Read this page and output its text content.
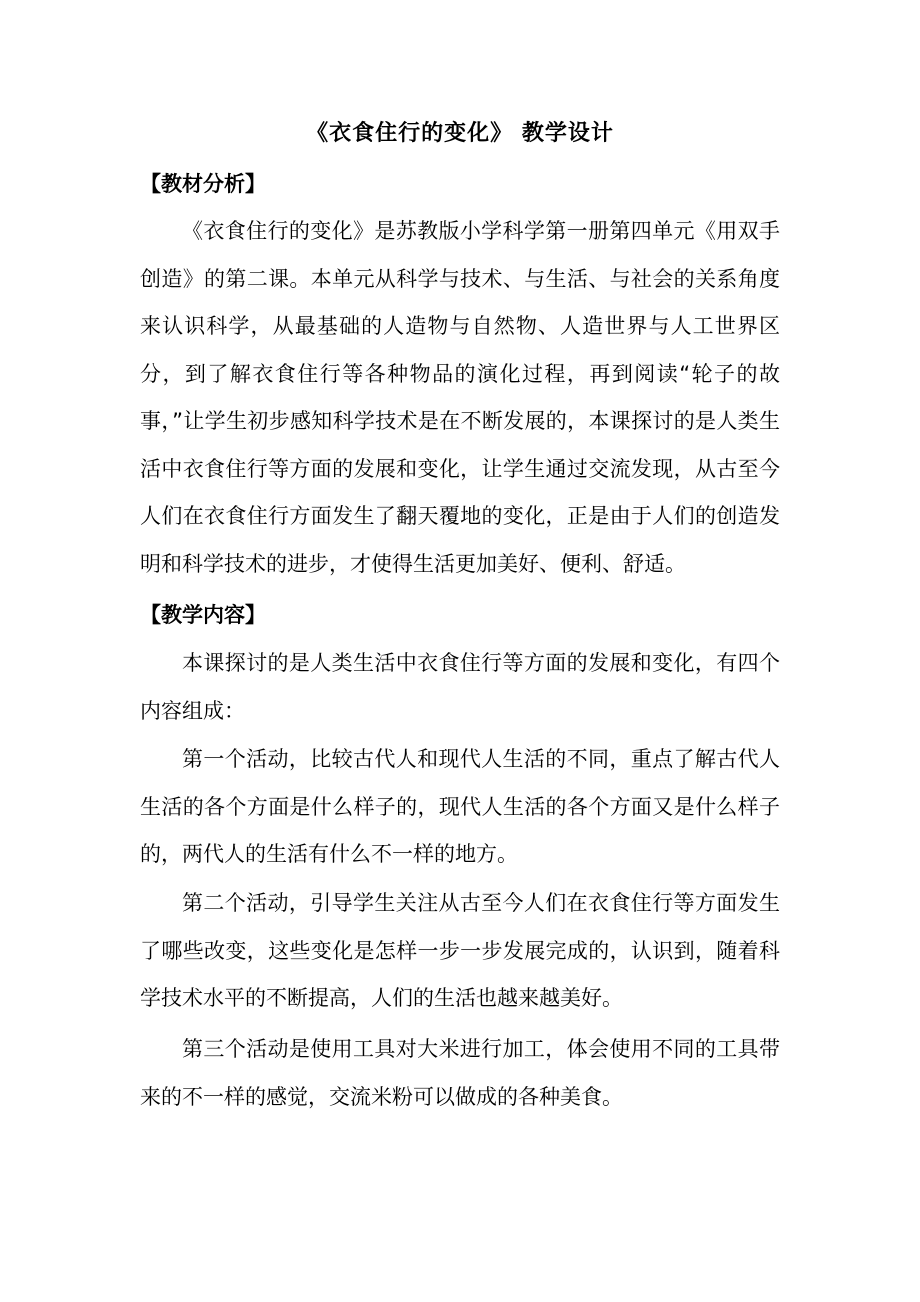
《衣食住行的变化》 教学设计
【教材分析】

《衣食住行的变化》是苏教版小学科学第一册第四单元《用双手创造》的第二课。本单元从科学与技术、与生活、与社会的关系角度来认识科学，从最基础的人造物与自然物、人造世界与人工世界区分，到了解衣食住行等各种物品的演化过程，再到阅读“轮子的故事，”让学生初步感知科学技术是在不断发展的，本课探讨的是人类生活中衣食住行等方面的发展和变化，让学生通过交流发现，从古至今人们在衣食住行方面发生了翻天覆地的变化，正是由于人们的创造发明和科学技术的进步，才使得生活更加美好、便利、舒适。

【教学内容】

本课探讨的是人类生活中衣食住行等方面的发展和变化，有四个内容组成：

第一个活动，比较古代人和现代人生活的不同，重点了解古代人生活的各个方面是什么样子的，现代人生活的各个方面又是什么样子的，两代人的生活有什么不一样的地方。

第二个活动，引导学生关注从古至今人们在衣食住行等方面发生了哪些改变，这些变化是怎样一步一步发展完成的，认识到，随着科学技术水平的不断提高，人们的生活也越来越美好。

第三个活动是使用工具对大米进行加工，体会使用不同的工具带来的不一样的感觉，交流米粉可以做成的各种美食。
